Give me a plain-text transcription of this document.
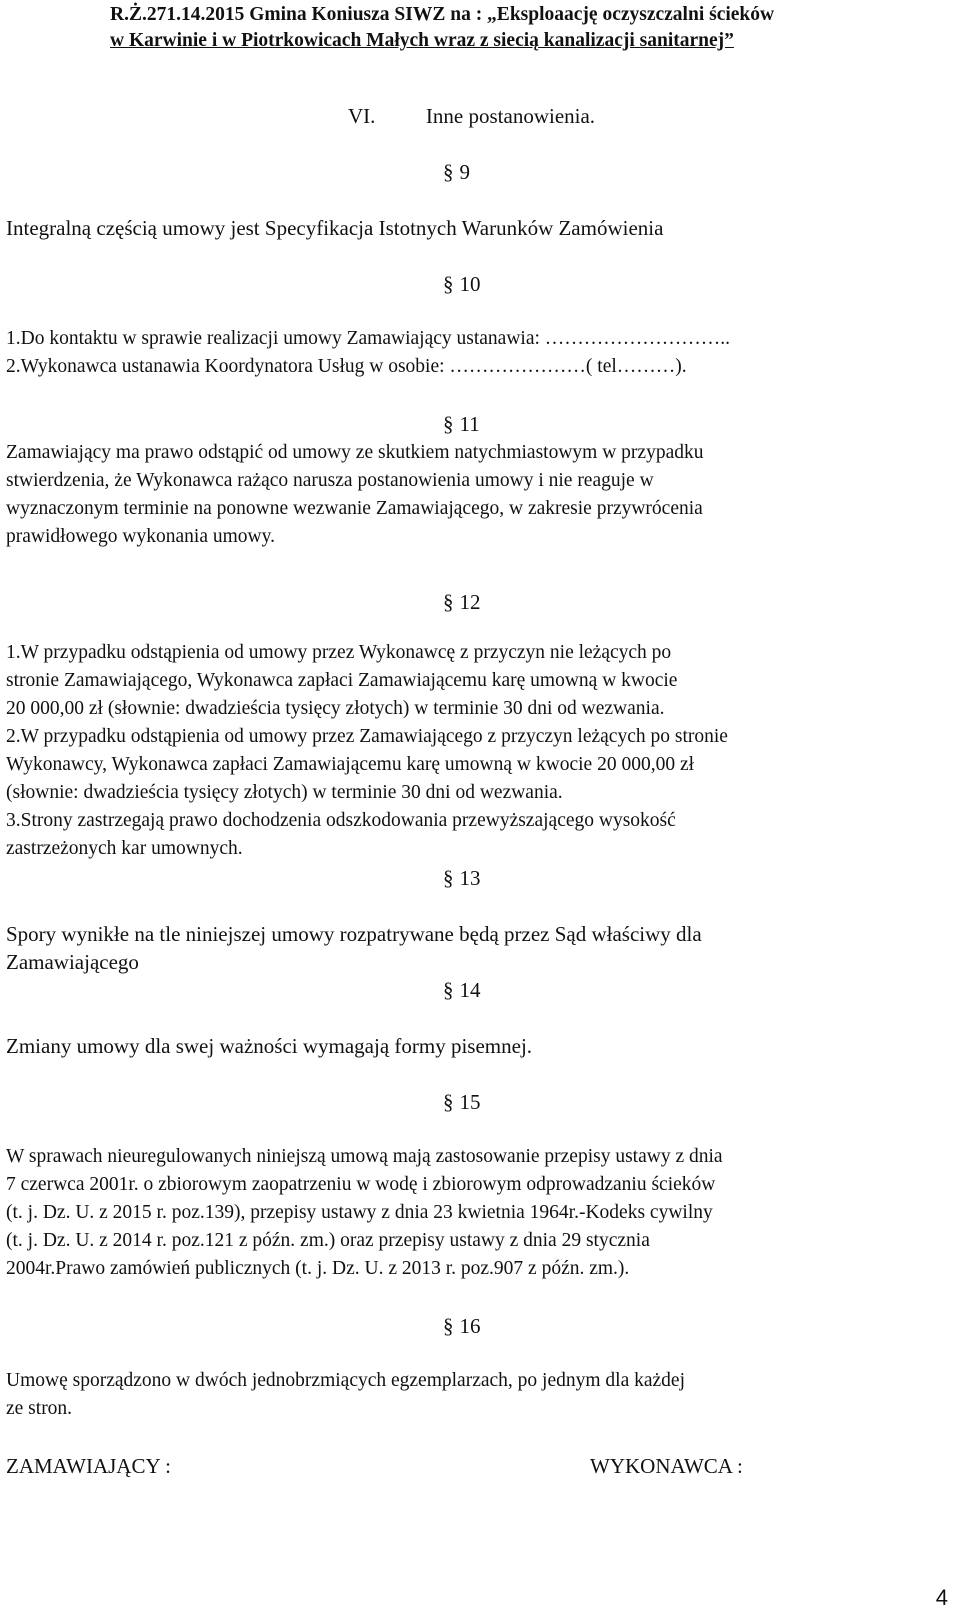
R.Ż.271.14.2015 Gmina Koniusza SIWZ na : „Eksploaację oczyszczalni ścieków
w Karwinie i w Piotrkowicach Małych wraz z siecią kanalizacji sanitarnej”
VI. Inne postanowienia.
§ 9
Integralną częścią umowy jest Specyfikacja Istotnych Warunków Zamówienia
§ 10
1.Do kontaktu w sprawie realizacji umowy Zamawiający ustanawia: ………………………..
2.Wykonawca ustanawia Koordynatora Usług w osobie: …………………( tel………).
§ 11
Zamawiający ma prawo odstąpić od umowy ze skutkiem natychmiastowym w przypadku
stwierdzenia, że Wykonawca rażąco narusza postanowienia umowy i nie reaguje w
wyznaczonym terminie na ponowne wezwanie Zamawiającego, w zakresie przywrócenia
prawidłowego wykonania umowy.
§ 12
1.W przypadku odstąpienia od umowy przez Wykonawcę z przyczyn nie leżących po
stronie Zamawiającego, Wykonawca zapłaci Zamawiającemu karę umowną w kwocie
20 000,00 zł (słownie: dwadzieścia tysięcy złotych) w terminie 30 dni od wezwania.
2.W przypadku odstąpienia od umowy przez Zamawiającego z przyczyn leżących po stronie
Wykonawcy, Wykonawca zapłaci Zamawiającemu karę umowną w kwocie 20 000,00 zł
(słownie: dwadzieścia tysięcy złotych) w terminie 30 dni od wezwania.
3.Strony zastrzegają prawo dochodzenia odszkodowania przewyższającego wysokość
zastrzeżonych kar umownych.
§ 13
Spory wynikłe na tle niniejszej umowy rozpatrywane będą przez Sąd właściwy dla
Zamawiającego
§ 14
Zmiany umowy dla swej ważności wymagają formy pisemnej.
§ 15
W sprawach nieuregulowanych niniejszą umową mają zastosowanie przepisy ustawy z dnia
7 czerwca 2001r. o zbiorowym zaopatrzeniu w wodę i zbiorowym odprowadzaniu ścieków
(t. j. Dz. U. z 2015 r. poz.139), przepisy ustawy z dnia 23 kwietnia 1964r.-Kodeks cywilny
(t. j. Dz. U. z 2014 r. poz.121 z późn. zm.) oraz przepisy ustawy z dnia 29 stycznia
2004r.Prawo zamówień publicznych (t. j. Dz. U. z 2013 r. poz.907 z późn. zm.).
§ 16
Umowę sporządzono w dwóch jednobrzmiących egzemplarzach, po jednym dla każdej
ze stron.
ZAMAWIAJĄCY :	WYKONAWCA :
4
